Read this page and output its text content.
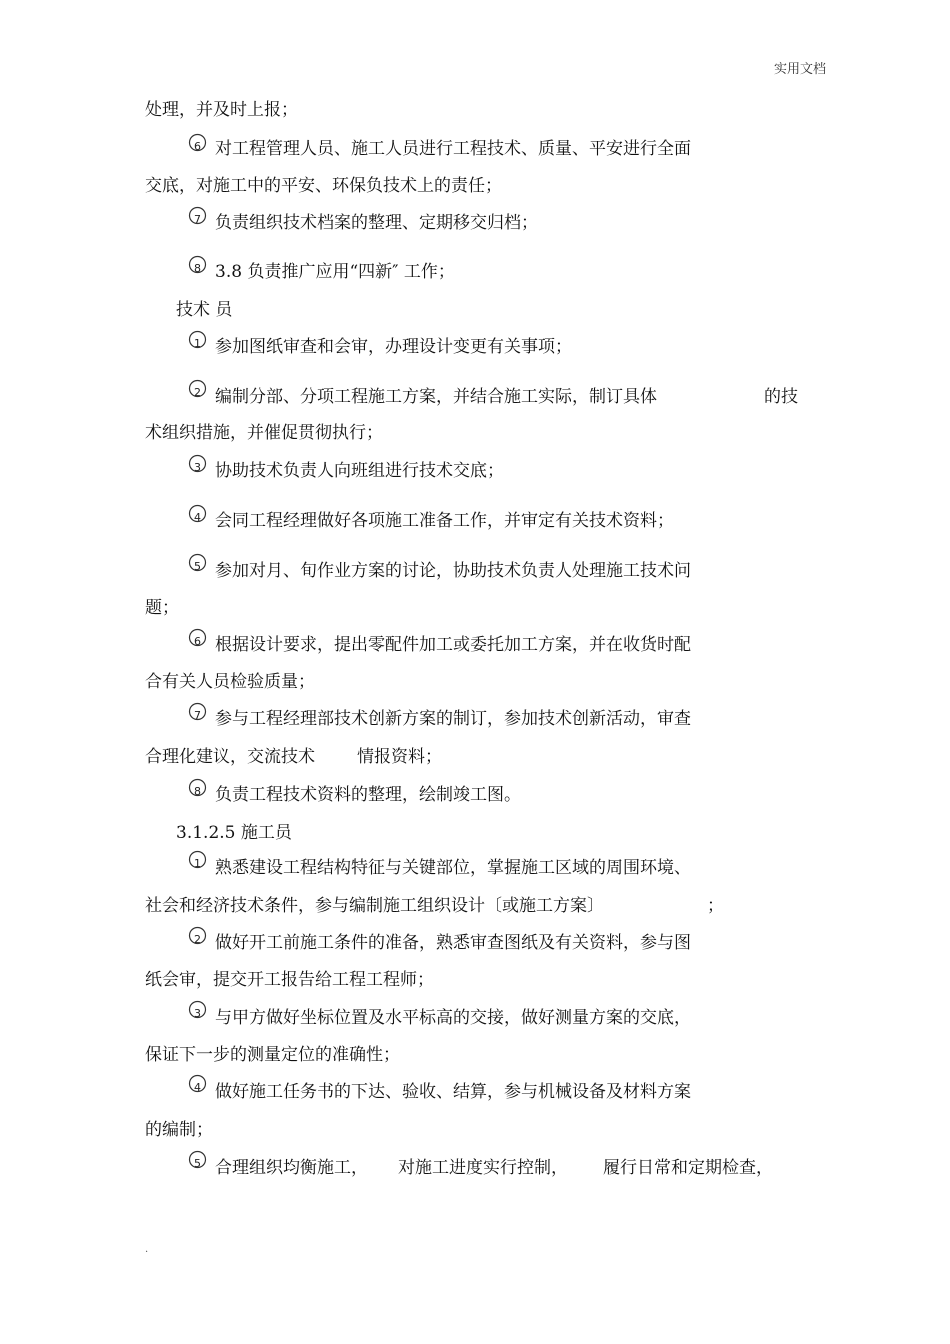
实用文档
6
7
8
1
2
3
4
5
6
7
8
1
2
3
4
5
处理，并及时上报；
对工程管理人员、施工人员进行工程技术、质量、平安进行全面
交底，对施工中的平安、环保负技术上的责任；
负责组织技术档案的整理、定期移交归档；
3.8 负责推广应用“四新″ 工作；
技术 员
参加图纸审查和会审，办理设计变更有关事项；
编制分部、分项工程施工方案，并结合施工实际，制订具体	的技
术组织措施，并催促贯彻执行；
协助技术负责人向班组进行技术交底；
会同工程经理做好各项施工准备工作，并审定有关技术资料；
参加对月、旬作业方案的讨论，协助技术负责人处理施工技术问
题；
根据设计要求，提出零配件加工或委托加工方案，并在收货时配
合有关人员检验质量；
参与工程经理部技术创新方案的制订，参加技术创新活动，审查
合理化建议，交流技术 情报资料；
负责工程技术资料的整理，绘制竣工图。
3.1.2.5 施工员
熟悉建设工程结构特征与关键部位，掌握施工区域的周围环境、
社会和经济技术条件，参与编制施工组织设计〔或施工方案〕	；
做好开工前施工条件的准备，熟悉审查图纸及有关资料，参与图
纸会审，提交开工报告给工程工程师；
与甲方做好坐标位置及水平标高的交接，做好测量方案的交底，
保证下一步的测量定位的准确性；
做好施工任务书的下达、验收、结算，参与机械设备及材料方案
的编制；
合理组织均衡施工， 对施工进度实行控制， 履行日常和定期检查，
.
